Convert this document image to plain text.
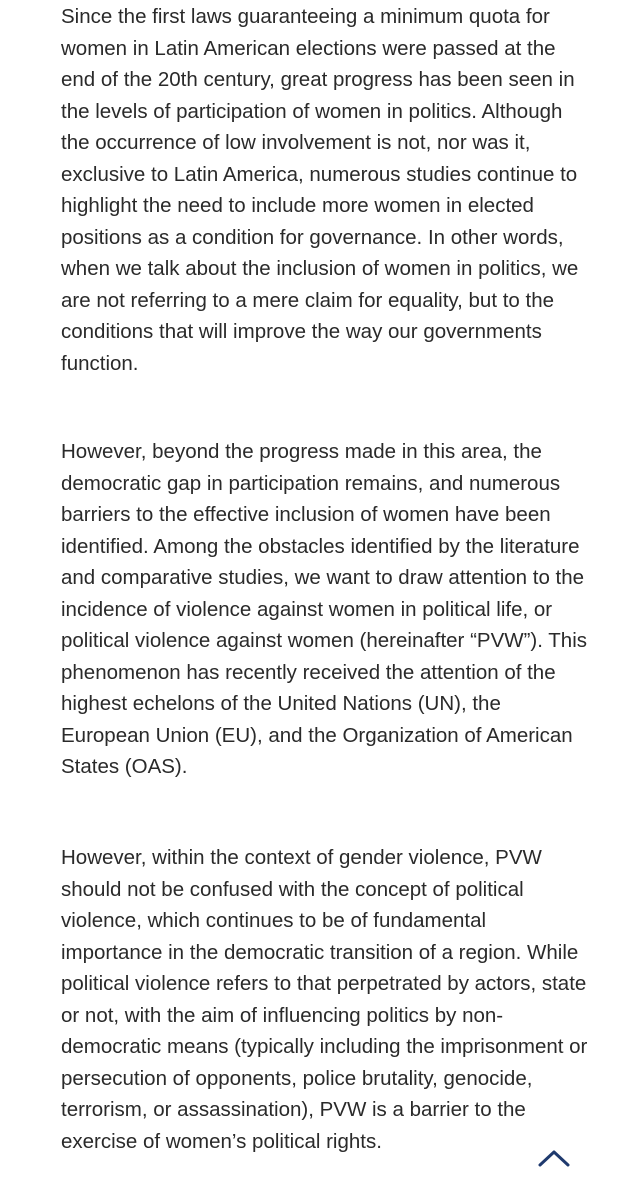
Since the first laws guaranteeing a minimum quota for women in Latin American elections were passed at the end of the 20th century, great progress has been seen in the levels of participation of women in politics. Although the occurrence of low involvement is not, nor was it, exclusive to Latin America, numerous studies continue to highlight the need to include more women in elected positions as a condition for governance. In other words, when we talk about the inclusion of women in politics, we are not referring to a mere claim for equality, but to the conditions that will improve the way our governments function.

However, beyond the progress made in this area, the democratic gap in participation remains, and numerous barriers to the effective inclusion of women have been identified. Among the obstacles identified by the literature and comparative studies, we want to draw attention to the incidence of violence against women in political life, or political violence against women (hereinafter “PVW”). This phenomenon has recently received the attention of the highest echelons of the United Nations (UN), the European Union (EU), and the Organization of American States (OAS).

However, within the context of gender violence, PVW should not be confused with the concept of political violence, which continues to be of fundamental importance in the democratic transition of a region. While political violence refers to that perpetrated by actors, state or not, with the aim of influencing politics by non-democratic means (typically including the imprisonment or persecution of opponents, police brutality, genocide, terrorism, or assassination), PVW is a barrier to the exercise of women’s political rights.
